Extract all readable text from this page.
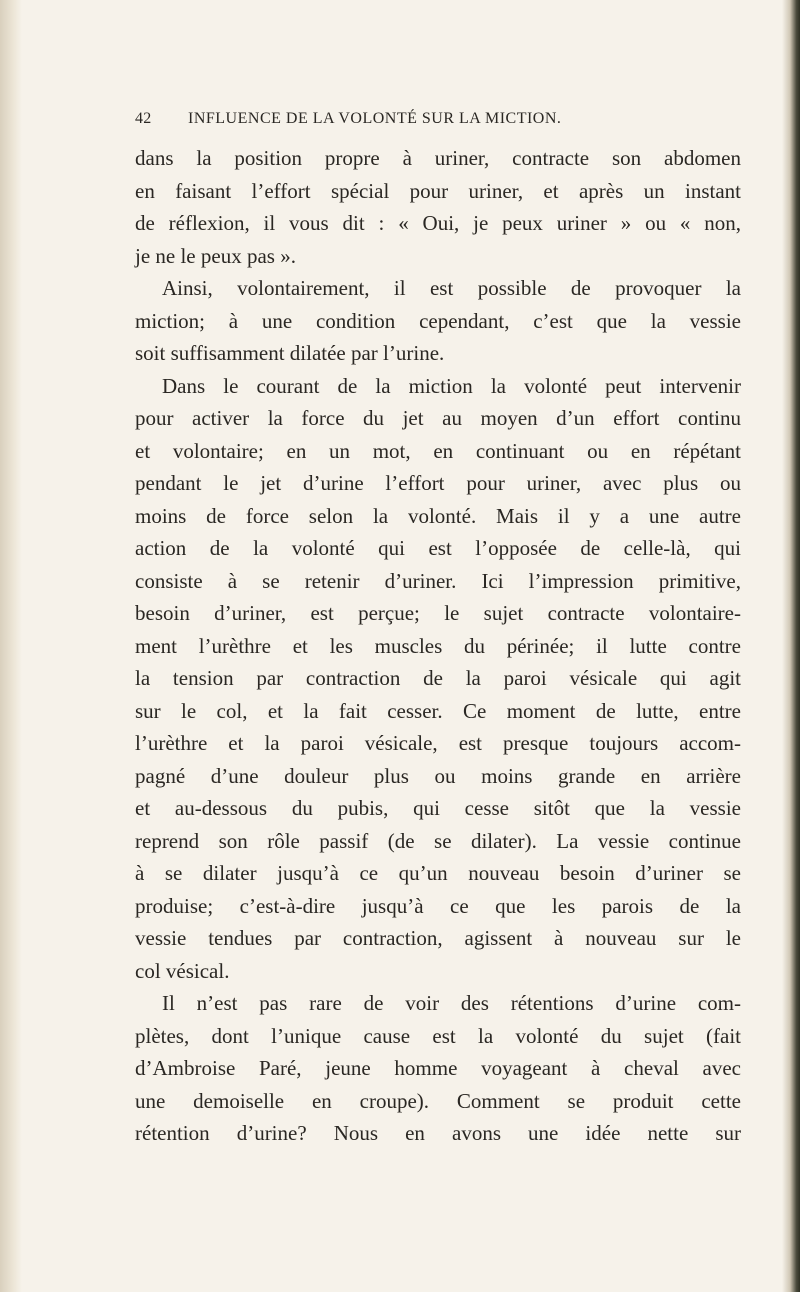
42 INFLUENCE DE LA VOLONTÉ SUR LA MICTION.
dans la position propre à uriner, contracte son abdomen
en faisant l’effort spécial pour uriner, et après un instant
de réflexion, il vous dit : « Oui, je peux uriner » ou « non,
je ne le peux pas ».
Ainsi, volontairement, il est possible de provoquer la
miction; à une condition cependant, c’est que la vessie
soit suffisamment dilatée par l’urine.
Dans le courant de la miction la volonté peut intervenir
pour activer la force du jet au moyen d’un effort continu
et volontaire; en un mot, en continuant ou en répétant
pendant le jet d’urine l’effort pour uriner, avec plus ou
moins de force selon la volonté. Mais il y a une autre
action de la volonté qui est l’opposée de celle-là, qui
consiste à se retenir d’uriner. Ici l’impression primitive,
besoin d’uriner, est perçue; le sujet contracte volontaire-
ment l’urèthre et les muscles du périnée; il lutte contre
la tension par contraction de la paroi vésicale qui agit
sur le col, et la fait cesser. Ce moment de lutte, entre
l’urèthre et la paroi vésicale, est presque toujours accom-
pagné d’une douleur plus ou moins grande en arrière
et au-dessous du pubis, qui cesse sitôt que la vessie
reprend son rôle passif (de se dilater). La vessie continue
à se dilater jusqu’à ce qu’un nouveau besoin d’uriner se
produise; c’est-à-dire jusqu’à ce que les parois de la
vessie tendues par contraction, agissent à nouveau sur le
col vésical.
Il n’est pas rare de voir des rétentions d’urine com-
plètes, dont l’unique cause est la volonté du sujet (fait
d’Ambroise Paré, jeune homme voyageant à cheval avec
une demoiselle en croupe). Comment se produit cette
rétention d’urine? Nous en avons une idée nette sur
